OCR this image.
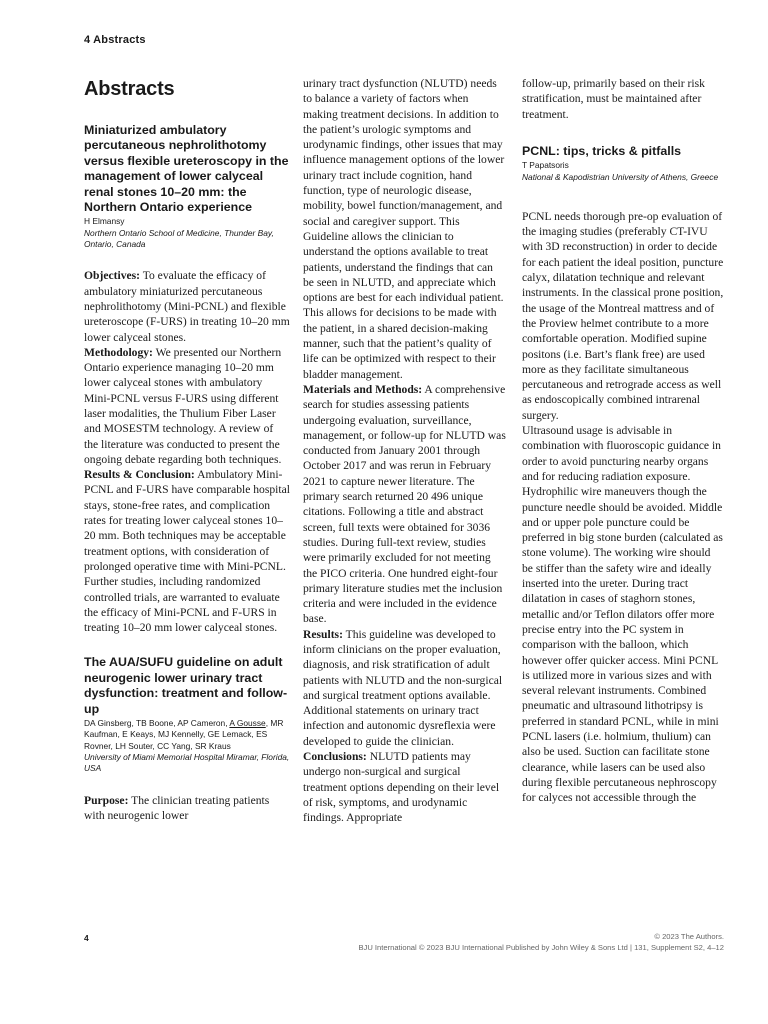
4 Abstracts
Abstracts
Miniaturized ambulatory percutaneous nephrolithotomy versus flexible ureteroscopy in the management of lower calyceal renal stones 10–20 mm: the Northern Ontario experience
H Elmansy
Northern Ontario School of Medicine, Thunder Bay, Ontario, Canada

Objectives: To evaluate the efficacy of ambulatory miniaturized percutaneous nephrolithotomy (Mini-PCNL) and flexible ureteroscope (F-URS) in treating 10–20 mm lower calyceal stones.
Methodology: We presented our Northern Ontario experience managing 10–20 mm lower calyceal stones with ambulatory Mini-PCNL versus F-URS using different laser modalities, the Thulium Fiber Laser and MOSESTM technology. A review of the literature was conducted to present the ongoing debate regarding both techniques.
Results & Conclusion: Ambulatory Mini-PCNL and F-URS have comparable hospital stays, stone-free rates, and complication rates for treating lower calyceal stones 10–20 mm. Both techniques may be acceptable treatment options, with consideration of prolonged operative time with Mini-PCNL. Further studies, including randomized controlled trials, are warranted to evaluate the efficacy of Mini-PCNL and F-URS in treating 10–20 mm lower calyceal stones.

The AUA/SUFU guideline on adult neurogenic lower urinary tract dysfunction: treatment and follow-up
DA Ginsberg, TB Boone, AP Cameron, A Gousse, MR Kaufman, E Keays, MJ Kennelly, GE Lemack, ES Rovner, LH Souter, CC Yang, SR Kraus
University of Miami Memorial Hospital Miramar, Florida, USA

Purpose: The clinician treating patients with neurogenic lower

urinary tract dysfunction (NLUTD) needs to balance a variety of factors when making treatment decisions. In addition to the patient’s urologic symptoms and urodynamic findings, other issues that may influence management options of the lower urinary tract include cognition, hand function, type of neurologic disease, mobility, bowel function/management, and social and caregiver support. This Guideline allows the clinician to understand the options available to treat patients, understand the findings that can be seen in NLUTD, and appreciate which options are best for each individual patient. This allows for decisions to be made with the patient, in a shared decision-making manner, such that the patient’s quality of life can be optimized with respect to their bladder management.
Materials and Methods: A comprehensive search for studies assessing patients undergoing evaluation, surveillance, management, or follow-up for NLUTD was conducted from January 2001 through October 2017 and was rerun in February 2021 to capture newer literature. The primary search returned 20 496 unique citations. Following a title and abstract screen, full texts were obtained for 3036 studies. During full-text review, studies were primarily excluded for not meeting the PICO criteria. One hundred eight-four primary literature studies met the inclusion criteria and were included in the evidence base.
Results: This guideline was developed to inform clinicians on the proper evaluation, diagnosis, and risk stratification of adult patients with NLUTD and the non-surgical and surgical treatment options available. Additional statements on urinary tract infection and autonomic dysreflexia were developed to guide the clinician.
Conclusions: NLUTD patients may undergo non-surgical and surgical treatment options depending on their level of risk, symptoms, and urodynamic findings. Appropriate

follow-up, primarily based on their risk stratification, must be maintained after treatment.

PCNL: tips, tricks & pitfalls
T Papatsoris
National & Kapodistrian University of Athens, Greece

PCNL needs thorough pre-op evaluation of the imaging studies (preferably CT-IVU with 3D reconstruction) in order to decide for each patient the ideal position, puncture calyx, dilatation technique and relevant instruments. In the classical prone position, the usage of the Montreal mattress and of the Proview helmet contribute to a more comfortable operation. Modified supine positons (i.e. Bart’s flank free) are used more as they facilitate simultaneous percutaneous and retrograde access as well as endoscopically combined intrarenal surgery.

Ultrasound usage is advisable in combination with fluoroscopic guidance in order to avoid puncturing nearby organs and for reducing radiation exposure. Hydrophilic wire maneuvers though the puncture needle should be avoided. Middle and or upper pole puncture could be preferred in big stone burden (calculated as stone volume). The working wire should be stiffer than the safety wire and ideally inserted into the ureter. During tract dilatation in cases of staghorn stones, metallic and/or Teflon dilators offer more precise entry into the PC system in comparison with the balloon, which however offer quicker access. Mini PCNL is utilized more in various sizes and with several relevant instruments. Combined pneumatic and ultrasound lithotripsy is preferred in standard PCNL, while in mini PCNL lasers (i.e. holmium, thulium) can also be used. Suction can facilitate stone clearance, while lasers can be used also during flexible percutaneous nephroscopy for calyces not accessible through the

4	© 2023 The Authors.
BJU International © 2023 BJU International Published by John Wiley & Sons Ltd | 131, Supplement S2, 4–12
